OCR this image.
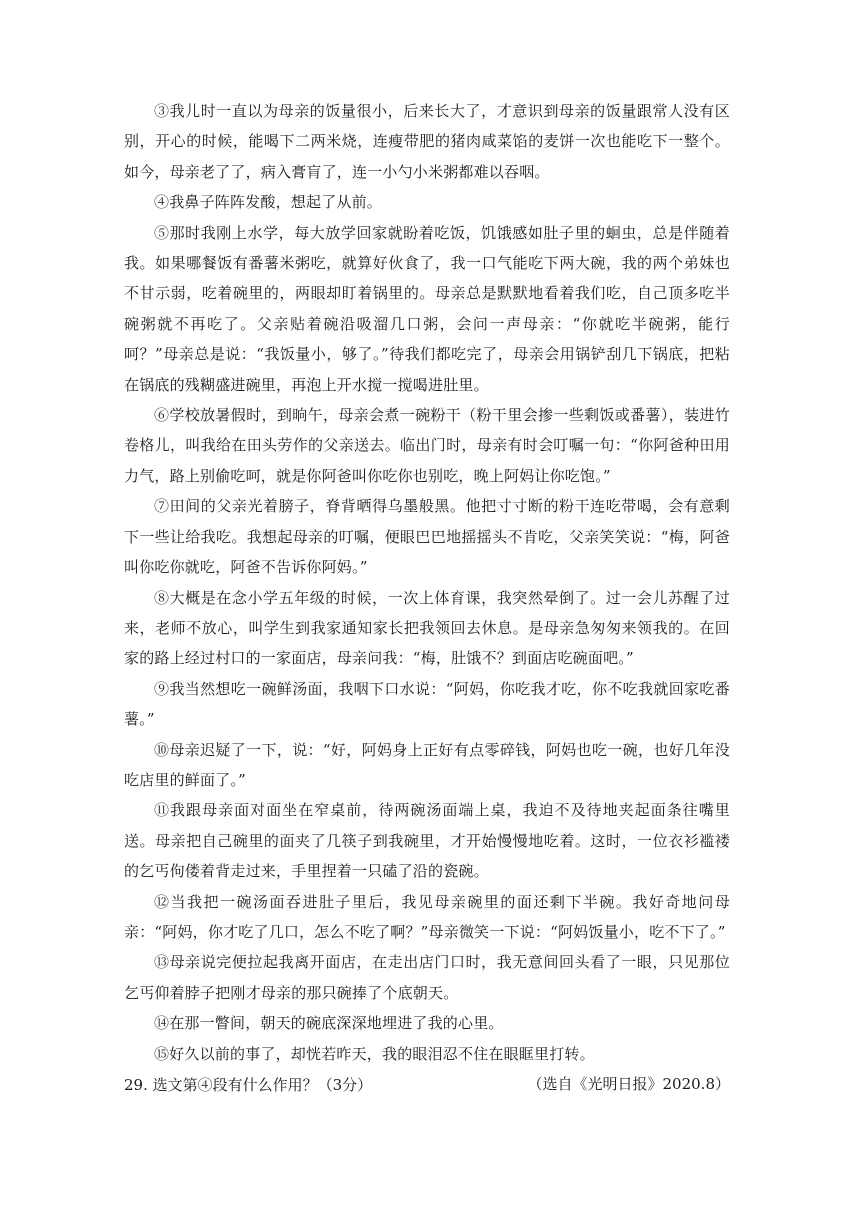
③我儿时一直以为母亲的饭量很小，后来长大了，才意识到母亲的饭量跟常人没有区别，开心的时候，能喝下二两米烧，连瘦带肥的猪肉咸菜馅的麦饼一次也能吃下一整个。如今，母亲老了了，病入膏肓了，连一小勺小米粥都难以吞咽。

④我鼻子阵阵发酸，想起了从前。

⑤那时我刚上水学，每大放学回家就盼着吃饭，饥饿感如肚子里的蛔虫，总是伴随着我。如果哪餐饭有番薯米粥吃，就算好伙食了，我一口气能吃下两大碗，我的两个弟妹也不甘示弱，吃着碗里的，两眼却盯着锅里的。母亲总是默默地看着我们吃，自己顶多吃半碗粥就不再吃了。父亲贴着碗沿吸溜几口粥，会问一声母亲：“你就吃半碗粥，能行呵？”母亲总是说：“我饭量小，够了。”待我们都吃完了，母亲会用锅铲刮几下锅底，把粘在锅底的残糊盛进碗里，再泡上开水搅一搅喝进肚里。

⑥学校放暑假时，到晌午，母亲会煮一碗粉干（粉干里会掺一些剩饭或番薯），装进竹卷格儿，叫我给在田头劳作的父亲送去。临出门时，母亲有时会叮嘱一句：“你阿爸种田用力气，路上别偷吃呵，就是你阿爸叫你吃你也别吃，晚上阿妈让你吃饱。”

⑦田间的父亲光着膀子，脊背晒得乌墨般黑。他把寸寸断的粉干连吃带喝，会有意剩下一些让给我吃。我想起母亲的叮嘱，便眼巴巴地摇摇头不肯吃，父亲笑笑说：“梅，阿爸叫你吃你就吃，阿爸不告诉你阿妈。”

⑧大概是在念小学五年级的时候，一次上体育课，我突然晕倒了。过一会儿苏醒了过来，老师不放心，叫学生到我家通知家长把我领回去休息。是母亲急匆匆来领我的。在回家的路上经过村口的一家面店，母亲问我：“梅，肚饿不？到面店吃碗面吧。”

⑨我当然想吃一碗鲜汤面，我咽下口水说：“阿妈，你吃我才吃，你不吃我就回家吃番薯。”

⑩母亲迟疑了一下，说：“好，阿妈身上正好有点零碎钱，阿妈也吃一碗，也好几年没吃店里的鲜面了。”

⑪我跟母亲面对面坐在窄桌前，待两碗汤面端上桌，我迫不及待地夹起面条往嘴里送。母亲把自己碗里的面夹了几筷子到我碗里，才开始慢慢地吃着。这时，一位衣衫褴褛的乞丐佝偻着背走过来，手里捏着一只磕了沿的瓷碗。

⑫当我把一碗汤面吞进肚子里后，我见母亲碗里的面还剩下半碗。我好奇地问母亲：“阿妈，你才吃了几口，怎么不吃了啊？”母亲微笑一下说：“阿妈饭量小，吃不下了。”

⑬母亲说完便拉起我离开面店，在走出店门口时，我无意间回头看了一眼，只见那位乞丐仰着脖子把刚才母亲的那只碗捧了个底朝天。

⑭在那一瞥间，朝天的碗底深深地埋进了我的心里。

⑮好久以前的事了，却恍若昨天，我的眼泪忍不住在眼眶里打转。

（选自《光明日报》2020.8）

29. 选文第④段有什么作用？（3分）
